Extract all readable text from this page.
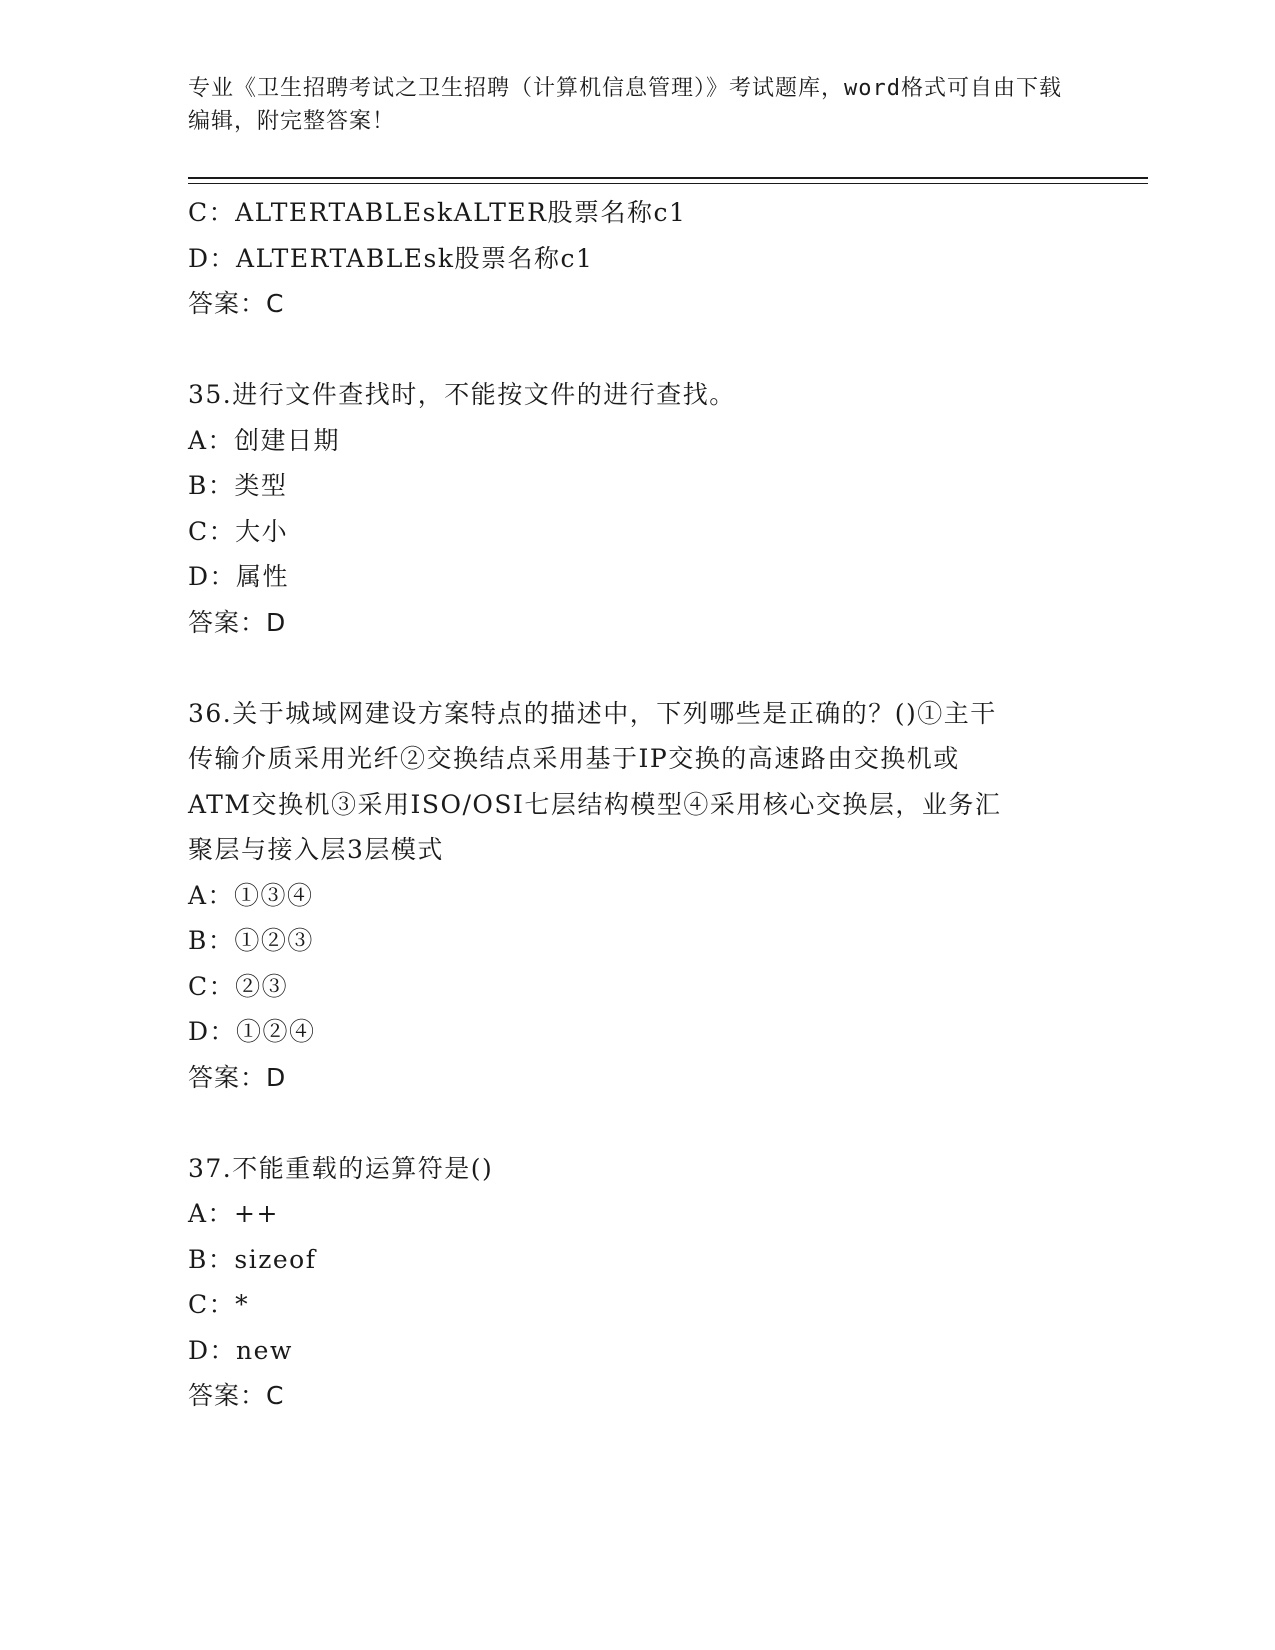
专业《卫生招聘考试之卫生招聘（计算机信息管理）》考试题库，word格式可自由下载编辑，附完整答案！
C：ALTERTABLEskALTER股票名称c1
D：ALTERTABLEsk股票名称c1
答案：C
35.进行文件查找时，不能按文件的进行查找。
A：创建日期
B：类型
C：大小
D：属性
答案：D
36.关于城域网建设方案特点的描述中，下列哪些是正确的？()①主干
传输介质采用光纤②交换结点采用基于IP交换的高速路由交换机或
ATM交换机③采用ISO/OSI七层结构模型④采用核心交换层，业务汇
聚层与接入层3层模式
A：①③④
B：①②③
C：②③
D：①②④
答案：D
37.不能重载的运算符是()
A：++
B：sizeof
C：*
D：new
答案：C
